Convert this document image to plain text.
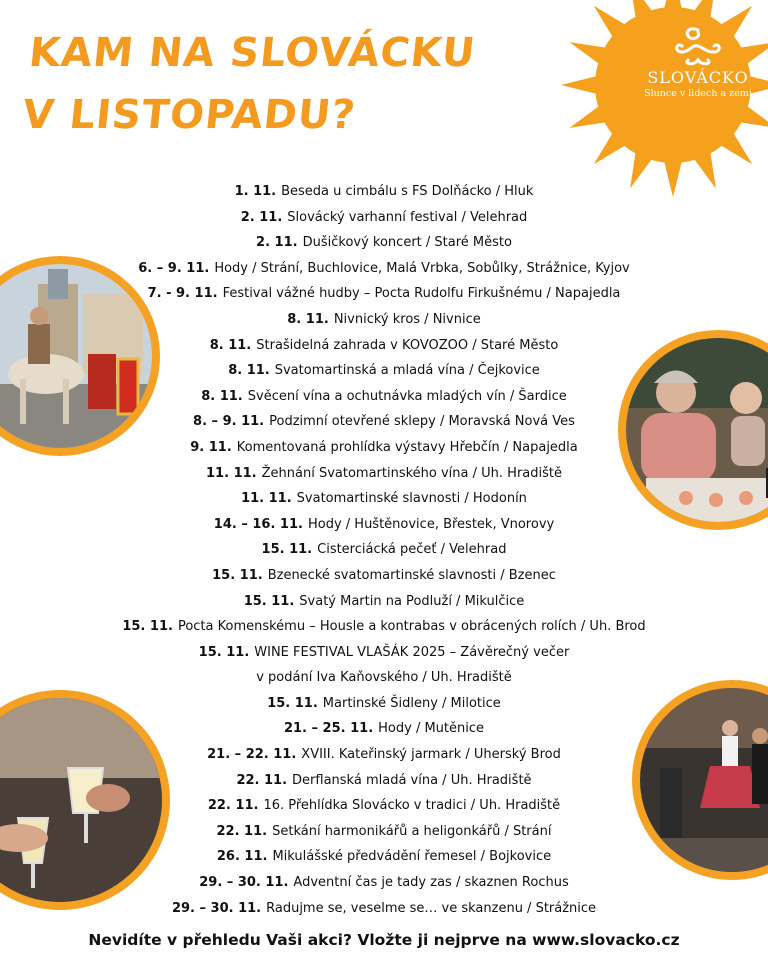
KAM NA SLOVÁCKU
V LISTOPADU?
SLOVÁCKO
Slunce v lidech a zemi
1. 11. Beseda u cimbálu s FS Dolňácko / Hluk
2. 11. Slovácký varhanní festival / Velehrad
2. 11. Dušičkový koncert / Staré Město
6. – 9. 11. Hody / Strání, Buchlovice, Malá Vrbka, Sobůlky, Strážnice, Kyjov
7. - 9. 11. Festival vážné hudby – Pocta Rudolfu Firkušnému / Napajedla
8. 11. Nivnický kros / Nivnice
8. 11. Strašidelná zahrada v KOVOZOO / Staré Město
8. 11. Svatomartinská a mladá vína / Čejkovice
8. 11. Svěcení vína a ochutnávka mladých vín / Šardice
8. – 9. 11. Podzimní otevřené sklepy / Moravská Nová Ves
9. 11. Komentovaná prohlídka výstavy Hřebčín / Napajedla
11. 11. Žehnání Svatomartinského vína / Uh. Hradiště
11. 11. Svatomartinské slavnosti / Hodonín
14. – 16. 11. Hody / Huštěnovice, Břestek, Vnorovy
15. 11. Cisterciácká pečeť / Velehrad
15. 11. Bzenecké svatomartinské slavnosti / Bzenec
15. 11. Svatý Martin na Podluží / Mikulčice
15. 11. Pocta Komenskému – Housle a kontrabas v obrácených rolích / Uh. Brod
15. 11. WINE FESTIVAL VLAŠÁK 2025 – Závěrečný večer
v podání Iva Kaňovského / Uh. Hradiště
15. 11. Martinské Šidleny / Milotice
21. – 25. 11. Hody / Mutěnice
21. – 22. 11. XVIII. Kateřinský jarmark / Uherský Brod
22. 11. Derflanská mladá vína / Uh. Hradiště
22. 11. 16. Přehlídka Slovácko v tradici / Uh. Hradiště
22. 11. Setkání harmonikářů a heligonkářů / Strání
26. 11. Mikulášské předvádění řemesel / Bojkovice
29. – 30. 11. Adventní čas je tady zas / skaznen Rochus
29. – 30. 11. Radujme se, veselme se… ve skanzenu / Strážnice
Nevidíte v přehledu Vaši akci? Vložte ji nejprve na www.slovacko.cz
